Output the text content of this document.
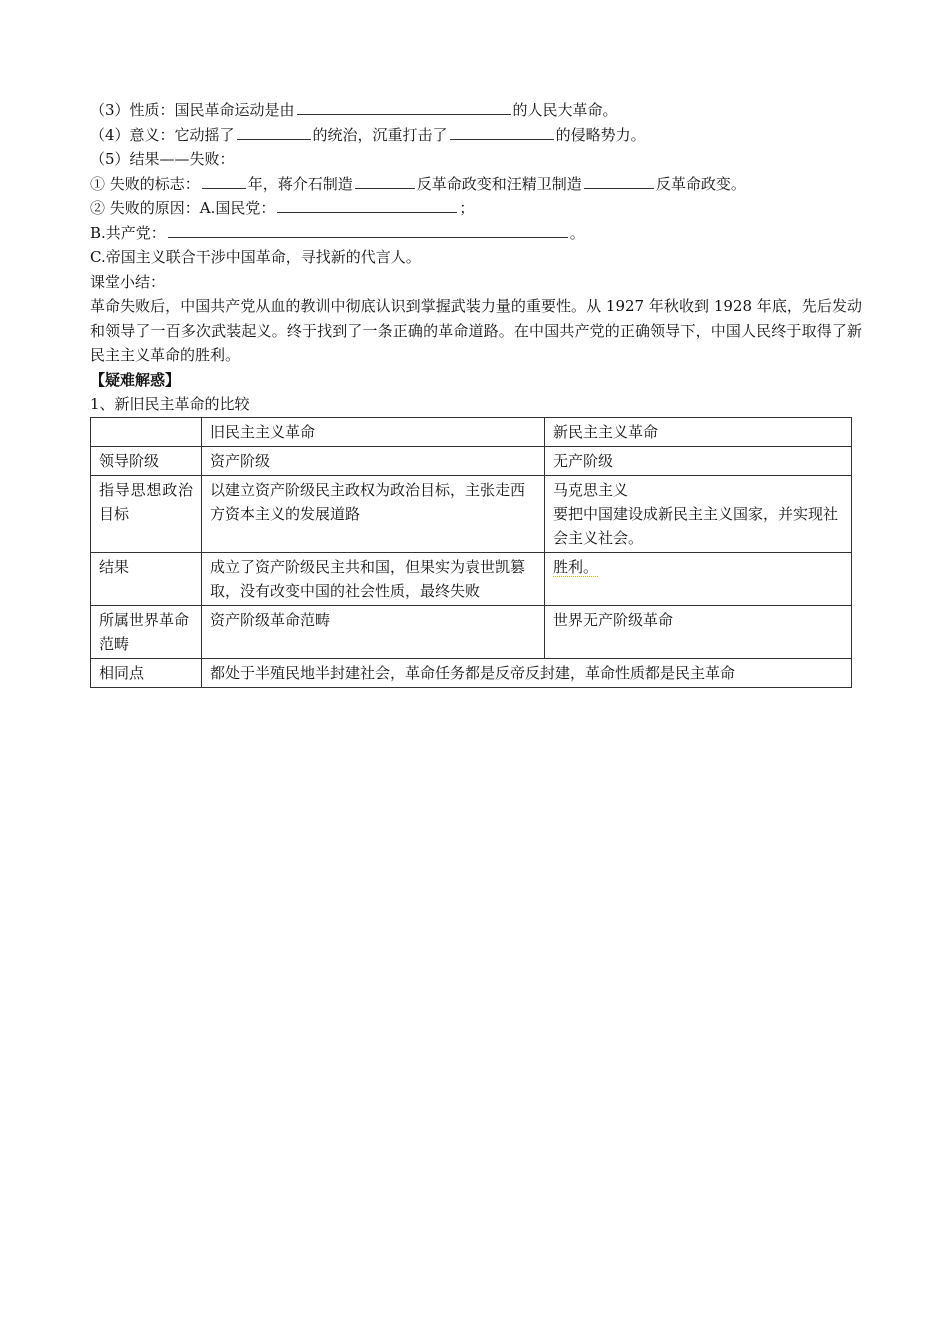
（3）性质：国民革命运动是由	的人民大革命。
（4）意义：它动摇了	的统治，沉重打击了	的侵略势力。
（5）结果——失败：
① 失败的标志：	年，蒋介石制造	反革命政变和汪精卫制造	反革命政变。
② 失败的原因：A.国民党：	；
B.共产党：	。
C.帝国主义联合干涉中国革命，寻找新的代言人。
课堂小结：
革命失败后，中国共产党从血的教训中彻底认识到掌握武装力量的重要性。从 1927 年秋收到 1928 年底，先后发动和领导了一百多次武装起义。终于找到了一条正确的革命道路。在中国共产党的正确领导下，中国人民终于取得了新民主主义革命的胜利。
【疑难解惑】
1、新旧民主革命的比较
	旧民主主义革命	新民主主义革命
领导阶级	资产阶级	无产阶级
指导思想政治目标	以建立资产阶级民主政权为政治目标，主张走西方资本主义的发展道路	马克思主义
要把中国建设成新民主主义国家，并实现社会主义社会。

结果	成立了资产阶级民主共和国，但果实为袁世凯篡取，没有改变中国的社会性质，最终失败	胜利。
所属世界革命范畴	资产阶级革命范畴	世界无产阶级革命
相同点	都处于半殖民地半封建社会，革命任务都是反帝反封建，革命性质都是民主革命	
